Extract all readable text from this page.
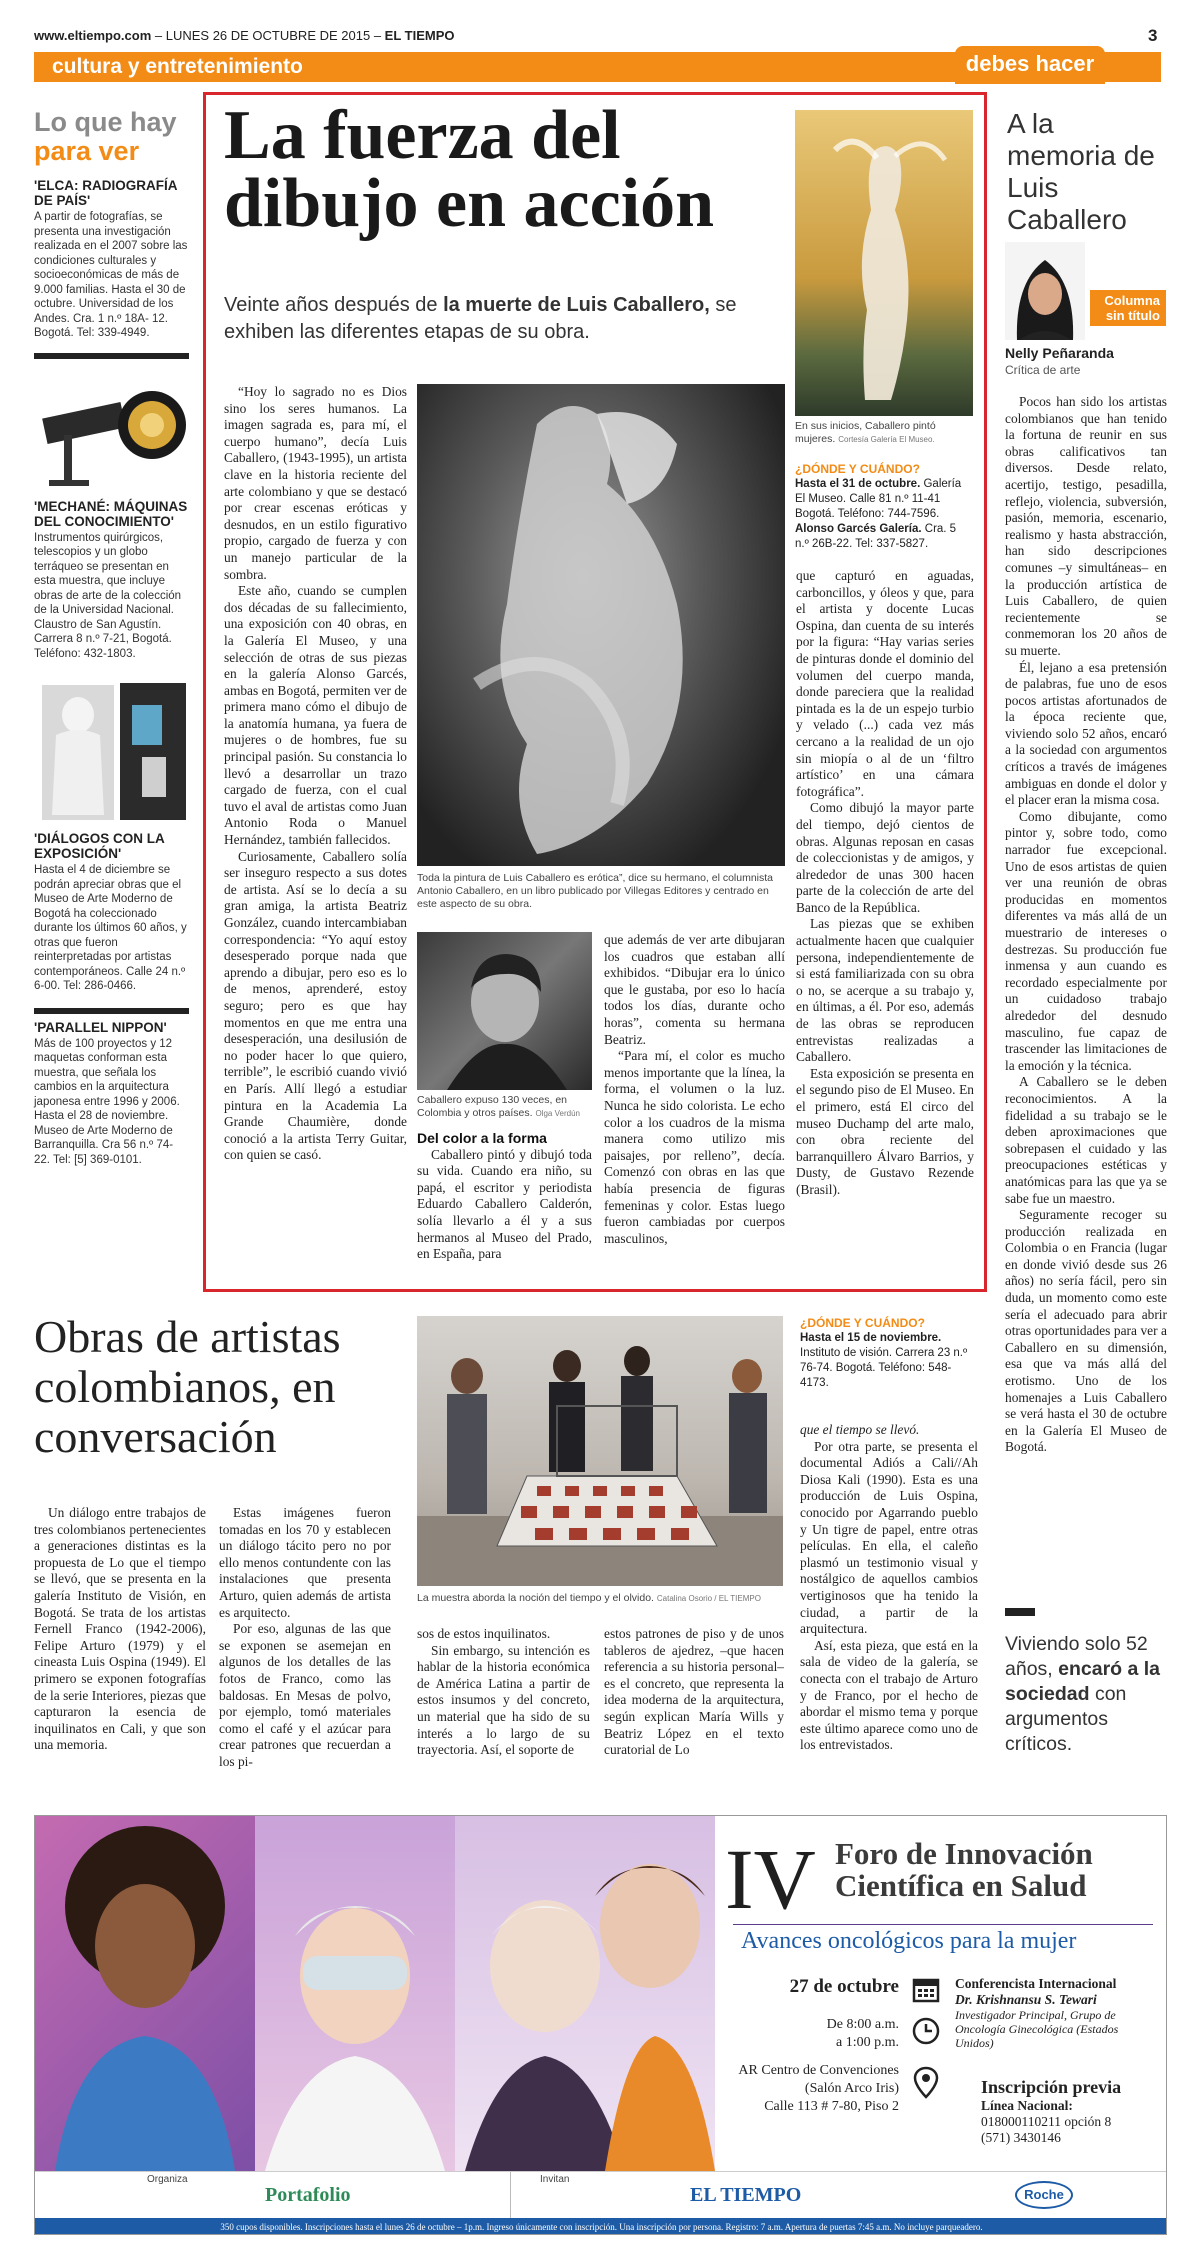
www.eltiempo.com – LUNES 26 DE OCTUBRE DE 2015 – EL TIEMPO	3
cultura y entretenimiento	debes hacer
Lo que hay
para ver
'ELCA: RADIOGRAFÍA DE PAÍS'
A partir de fotografías, se presenta una investigación realizada en el 2007 sobre las condiciones culturales y socioeconómicas de más de 9.000 familias. Hasta el 30 de octubre. Universidad de los Andes. Cra. 1 n.º 18A- 12. Bogotá. Tel: 339-4949.
'MECHANÉ: MÁQUINAS DEL CONOCIMIENTO'
Instrumentos quirúrgicos, telescopios y un globo terráqueo se presentan en esta muestra, que incluye obras de arte de la colección de la Universidad Nacional. Claustro de San Agustín. Carrera 8 n.º 7-21, Bogotá. Teléfono: 432-1803.
'DIÁLOGOS CON LA EXPOSICIÓN'
Hasta el 4 de diciembre se podrán apreciar obras que el Museo de Arte Moderno de Bogotá ha coleccionado durante los últimos 60 años, y otras que fueron reinterpretadas por artistas contemporáneos. Calle 24 n.º 6-00. Tel: 286-0466.
'PARALLEL NIPPON'
Más de 100 proyectos y 12 maquetas conforman esta muestra, que señala los cambios en la arquitectura japonesa entre 1996 y 2006. Hasta el 28 de noviembre. Museo de Arte Moderno de Barranquilla. Cra 56 n.º 74-22. Tel: [5] 369-0101.
La fuerza del dibujo en acción
Veinte años después de la muerte de Luis Caballero, se exhiben las diferentes etapas de su obra.
En sus inicios, Caballero pintó mujeres. Cortesía Galería El Museo.
¿DÓNDE Y CUÁNDO?
Hasta el 31 de octubre. Galería El Museo. Calle 81 n.º 11-41 Bogotá. Teléfono: 744-7596.
Alonso Garcés Galería. Cra. 5 n.º 26B-22. Tel: 337-5827.

“Hoy lo sagrado no es Dios sino los seres humanos. La imagen sagrada es, para mí, el cuerpo humano”, decía Luis Caballero, (1943-1995), un artista clave en la historia reciente del arte colombiano y que se destacó por crear escenas eróticas y desnudos, en un estilo figurativo propio, cargado de fuerza y con un manejo particular de la sombra.

Este año, cuando se cumplen dos décadas de su fallecimiento, una exposición con 40 obras, en la Galería El Museo, y una selección de otras de sus piezas en la galería Alonso Garcés, ambas en Bogotá, permiten ver de primera mano cómo el dibujo de la anatomía humana, ya fuera de mujeres o de hombres, fue su principal pasión. Su constancia lo llevó a desarrollar un trazo cargado de fuerza, con el cual tuvo el aval de artistas como Juan Antonio Roda o Manuel Hernández, también fallecidos.

Curiosamente, Caballero solía ser inseguro respecto a sus dotes de artista. Así se lo decía a su gran amiga, la artista Beatriz González, cuando intercambiaban correspondencia: “Yo aquí estoy desesperado porque nada que aprendo a dibujar, pero eso es lo de menos, aprenderé, estoy seguro; pero es que hay momentos en que me entra una desesperación, una desilusión de no poder hacer lo que quiero, terrible”, le escribió cuando vivió en París. Allí llegó a estudiar pintura en la Academia La Grande Chaumière, donde conoció a la artista Terry Guitar, con quien se casó.

Toda la pintura de Luis Caballero es erótica”, dice su hermano, el columnista Antonio Caballero, en un libro publicado por Villegas Editores y centrado en este aspecto de su obra.
Caballero expuso 130 veces, en Colombia y otros países. Olga Verdún
Del color a la forma

Caballero pintó y dibujó toda su vida. Cuando era niño, su papá, el escritor y periodista Eduardo Caballero Calderón, solía llevarlo a él y a sus hermanos al Museo del Prado, en España, para

que además de ver arte dibujaran los cuadros que estaban allí exhibidos. “Dibujar era lo único que le gustaba, por eso lo hacía todos los días, durante ocho horas”, comenta su hermana Beatriz.

“Para mí, el color es mucho menos importante que la línea, la forma, el volumen o la luz. Nunca he sido colorista. Le echo color a los cuadros de la misma manera como utilizo mis paisajes, por relleno”, decía. Comenzó con obras en las que había presencia de figuras femeninas y color. Estas luego fueron cambiadas por cuerpos masculinos,

que capturó en aguadas, carboncillos, y óleos y que, para el artista y docente Lucas Ospina, dan cuenta de su interés por la figura: “Hay varias series de pinturas donde el dominio del volumen del cuerpo manda, donde pareciera que la realidad pintada es la de un espejo turbio y velado (...) cada vez más cercano a la realidad de un ojo sin miopía o al de un ‘filtro artístico’ en una cámara fotográfica”.

Como dibujó la mayor parte del tiempo, dejó cientos de obras. Algunas reposan en casas de coleccionistas y de amigos, y alrededor de unas 300 hacen parte de la colección de arte del Banco de la República.

Las piezas que se exhiben actualmente hacen que cualquier persona, independientemente de si está familiarizada con su obra o no, se acerque a su trabajo y, en últimas, a él. Por eso, además de las obras se reproducen entrevistas realizadas a Caballero.

Esta exposición se presenta en el segundo piso de El Museo. En el primero, está El circo del museo Duchamp del arte malo, con obra reciente del barranquillero Álvaro Barrios, y Dusty, de Gustavo Rezende (Brasil).

A la memoria de Luis Caballero
Columna sin título
Nelly Peñaranda
Crítica de arte

Pocos han sido los artistas colombianos que han tenido la fortuna de reunir en sus obras calificativos tan diversos. Desde relato, acertijo, testigo, pesadilla, reflejo, violencia, subversión, pasión, memoria, escenario, realismo y hasta abstracción, han sido descripciones comunes –y simultáneas– en la producción artística de Luis Caballero, de quien recientemente se conmemoran los 20 años de su muerte.

Él, lejano a esa pretensión de palabras, fue uno de esos pocos artistas afortunados de la época reciente que, viviendo solo 52 años, encaró a la sociedad con argumentos críticos a través de imágenes ambiguas en donde el dolor y el placer eran la misma cosa.

Como dibujante, como pintor y, sobre todo, como narrador fue excepcional. Uno de esos artistas de quien ver una reunión de obras producidas en momentos diferentes va más allá de un muestrario de intereses o destrezas. Su producción fue inmensa y aun cuando es recordado especialmente por un cuidadoso trabajo alrededor del desnudo masculino, fue capaz de trascender las limitaciones de la emoción y la técnica.

A Caballero se le deben reconocimientos. A la fidelidad a su trabajo se le deben aproximaciones que sobrepasen el cuidado y las preocupaciones estéticas y anatómicas para las que ya se sabe fue un maestro.

Seguramente recoger su producción realizada en Colombia o en Francia (lugar en donde vivió desde sus 26 años) no sería fácil, pero sin duda, un momento como este sería el adecuado para abrir otras oportunidades para ver a Caballero en su dimensión, esa que va más allá del erotismo. Uno de los homenajes a Luis Caballero se verá hasta el 30 de octubre en la Galería El Museo de Bogotá.

Viviendo solo 52 años, encaró a la sociedad con argumentos críticos.
Obras de artistas colombianos, en conversación

Un diálogo entre trabajos de tres colombianos pertenecientes a generaciones distintas es la propuesta de Lo que el tiempo se llevó, que se presenta en la galería Instituto de Visión, en Bogotá. Se trata de los artistas Fernell Franco (1942-2006), Felipe Arturo (1979) y el cineasta Luis Ospina (1949). El primero se exponen fotografías de la serie Interiores, piezas que capturaron la esencia de inquilinatos en Cali, y que son una memoria.

Estas imágenes fueron tomadas en los 70 y establecen un diálogo tácito pero no por ello menos contundente con las instalaciones que presenta Arturo, quien además de artista es arquitecto.

Por eso, algunas de las que se exponen se asemejan en algunos de los detalles de las fotos de Franco, como las baldosas. En Mesas de polvo, por ejemplo, tomó materiales como el café y el azúcar para crear patrones que recuerdan a los pi-

La muestra aborda la noción del tiempo y el olvido. Catalina Osorio / EL TIEMPO

sos de estos inquilinatos.

Sin embargo, su intención es hablar de la historia económica de América Latina a partir de estos insumos y del concreto, un material que ha sido de su interés a lo largo de su trayectoria. Así, el soporte de

estos patrones de piso y de unos tableros de ajedrez, –que hacen referencia a su historia personal– es el concreto, que representa la idea moderna de la arquitectura, según explican María Wills y Beatriz López en el texto curatorial de Lo

¿DÓNDE Y CUÁNDO?
Hasta el 15 de noviembre. Instituto de visión. Carrera 23 n.º 76-74. Bogotá. Teléfono: 548-4173.

que el tiempo se llevó.

Por otra parte, se presenta el documental Adiós a Cali//Ah Diosa Kali (1990). Esta es una producción de Luis Ospina, conocido por Agarrando pueblo y Un tigre de papel, entre otras películas. En ella, el caleño plasmó un testimonio visual y nostálgico de aquellos cambios vertiginosos que ha tenido la ciudad, a partir de la arquitectura.

Así, esta pieza, que está en la sala de video de la galería, se conecta con el trabajo de Arturo y de Franco, por el hecho de abordar el mismo tema y porque este último aparece como uno de los entrevistados.

IV Foro de Innovación
Científica en Salud
Avances oncológicos para la mujer
27 de octubre
De 8:00 a.m.
a 1:00 p.m.
AR Centro de Convenciones
(Salón Arco Iris)
Calle 113 # 7-80, Piso 2
Conferencista Internacional
Dr. Krishnansu S. Tewari
Investigador Principal, Grupo de Oncología Ginecológica (Estados Unidos)
Inscripción previa
Línea Nacional:
018000110211 opción 8
(571) 3430146
Organiza
Portafolio
Invitan
EL TIEMPO	Roche
350 cupos disponibles. Inscripciones hasta el lunes 26 de octubre – 1p.m. Ingreso únicamente con inscripción. Una inscripción por persona. Registro: 7 a.m. Apertura de puertas 7:45 a.m. No incluye parqueadero.
